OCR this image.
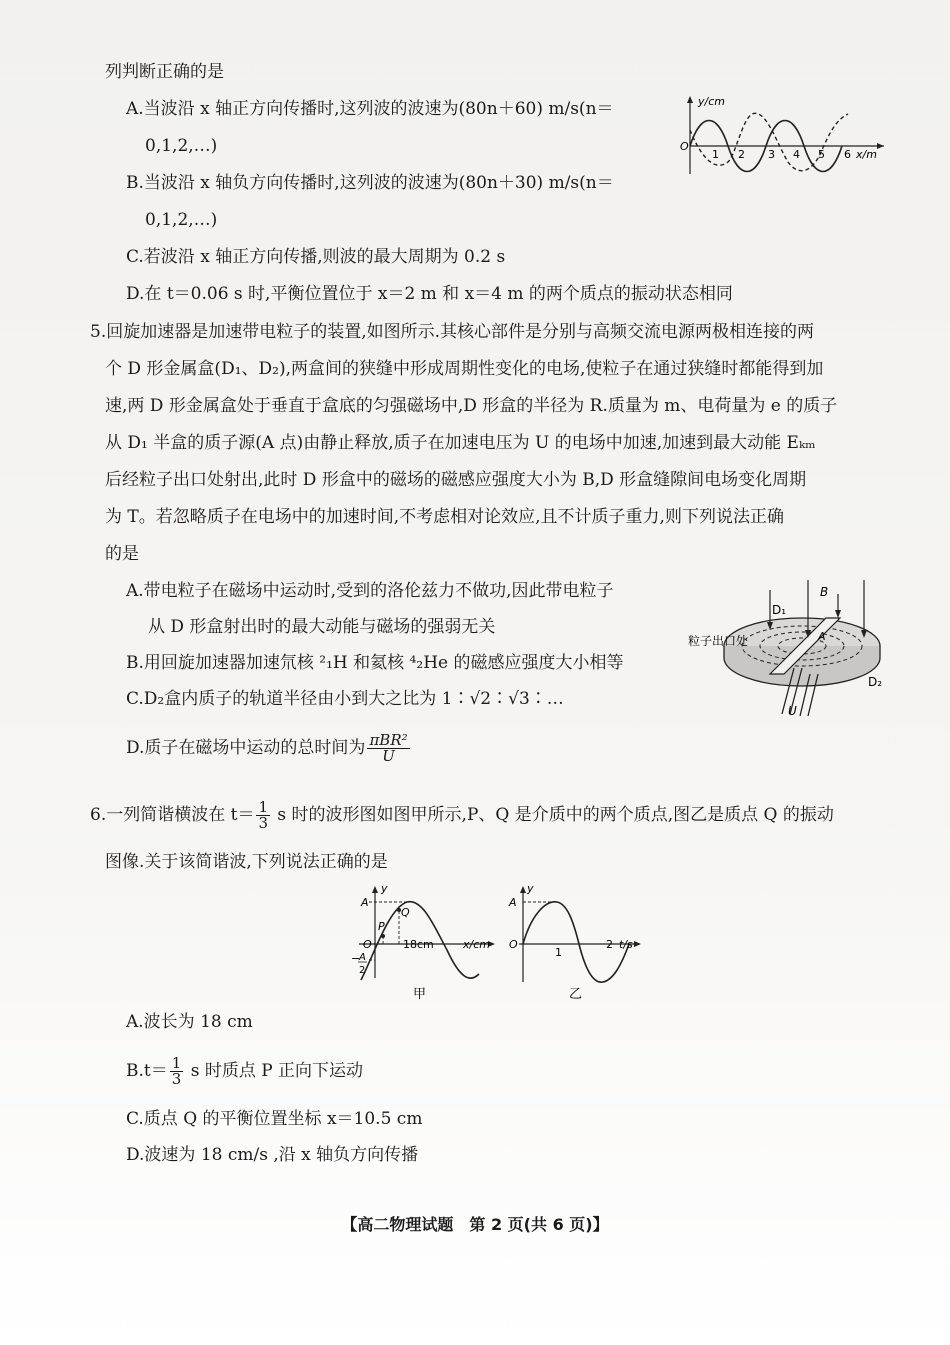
列判断正确的是
A.当波沿 x 轴正方向传播时,这列波的波速为(80n＋60) m/s(n＝
0,1,2,…)
B.当波沿 x 轴负方向传播时,这列波的波速为(80n＋30) m/s(n＝
0,1,2,…)
C.若波沿 x 轴正方向传播,则波的最大周期为 0.2 s
D.在 t＝0.06 s 时,平衡位置位于 x＝2 m 和 x＝4 m 的两个质点的振动状态相同
y/cm
O
1 2 3 4 5 6 x/m
5.回旋加速器是加速带电粒子的装置,如图所示.其核心部件是分别与高频交流电源两极相连接的两
个 D 形金属盒(D₁、D₂),两盒间的狭缝中形成周期性变化的电场,使粒子在通过狭缝时都能得到加
速,两 D 形金属盒处于垂直于盒底的匀强磁场中,D 形盒的半径为 R.质量为 m、电荷量为 e 的质子
从 D₁ 半盒的质子源(A 点)由静止释放,质子在加速电压为 U 的电场中加速,加速到最大动能 Eₖₘ
后经粒子出口处射出,此时 D 形盒中的磁场的磁感应强度大小为 B,D 形盒缝隙间电场变化周期
为 T。若忽略质子在电场中的加速时间,不考虑相对论效应,且不计质子重力,则下列说法正确
的是
A.带电粒子在磁场中运动时,受到的洛伦兹力不做功,因此带电粒子
从 D 形盒射出时的最大动能与磁场的强弱无关
B.用回旋加速器加速氘核 ²₁H 和氦核 ⁴₂He 的磁感应强度大小相等
C.D₂盒内质子的轨道半径由小到大之比为 1∶√2∶√3∶…
D.质子在磁场中运动的总时间为 $\frac{\text{πBR²}}{U}$
D₁
B
A
粒子出口处
D₂
U
6.一列简谐横波在 $t= \frac{1}{3}$ s 时的波形图如图甲所示,P、Q 是介质中的两个质点,图乙是质点 Q 的振动
图像.关于该简谐波,下列说法正确的是
y
A
Q
P
O	18cm	x/cm
−
A
2
甲
y
A
O
1
2 t/s
乙
A.波长为 18 cm
$B.t= \frac{1}{3}$ s 时质点 P 正向下运动
C.质点 Q 的平衡位置坐标 x＝10.5 cm
D.波速为 18 cm/s ,沿 x 轴负方向传播
【高二物理试题　第 2 页(共 6 页)】
